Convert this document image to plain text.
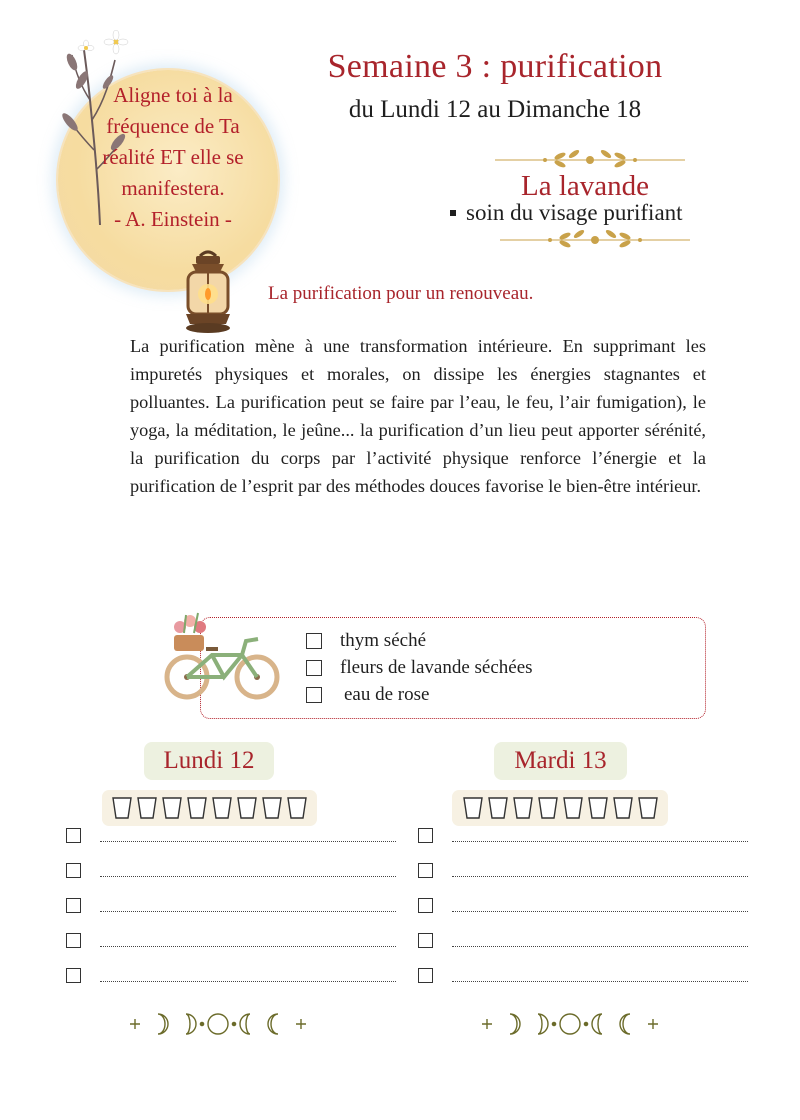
Aligne toi à la
fréquence de Ta
réalité ET elle se
manifestera.
- A. Einstein -
Semaine 3 : purification
du Lundi 12 au Dimanche 18
La lavande
soin du visage purifiant
La purification pour un renouveau.
La purification mène à une transformation intérieure. En supprimant les impuretés physiques et morales, on dissipe les énergies stagnantes et polluantes. La purification peut se faire par l’eau, le feu, l’air fumigation), le yoga, la méditation, le jeûne... la purification d’un lieu peut apporter sérénité, la purification du corps par l’activité physique renforce l’énergie et la purification de l’esprit par des méthodes douces favorise le bien-être intérieur.
thym séché
fleurs de lavande séchées
eau de rose
Lundi 12	Mardi 13
